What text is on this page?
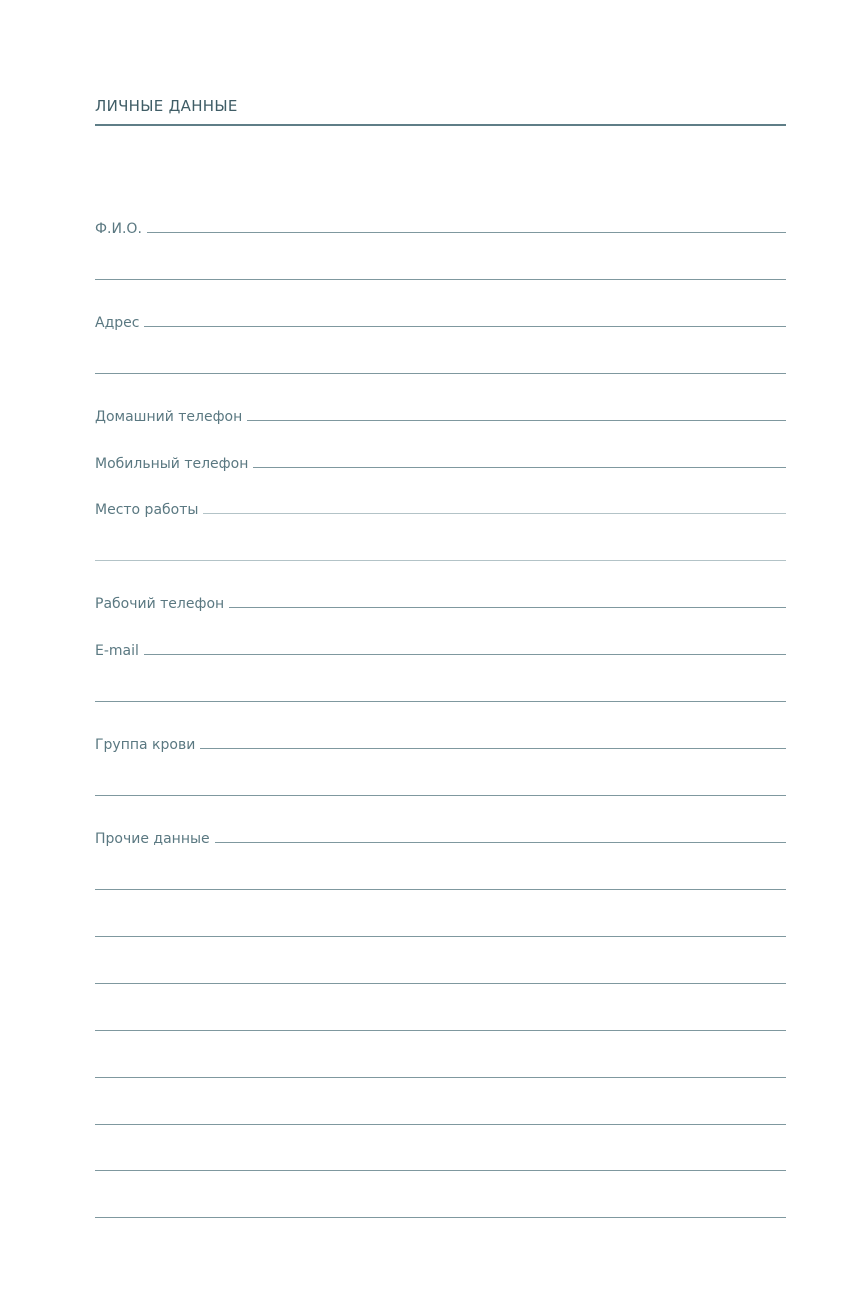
ЛИЧНЫЕ ДАННЫЕ
Ф.И.О.
Адрес
Домашний телефон
Мобильный телефон
Место работы
Рабочий телефон
E-mail
Группа крови
Прочие данные
